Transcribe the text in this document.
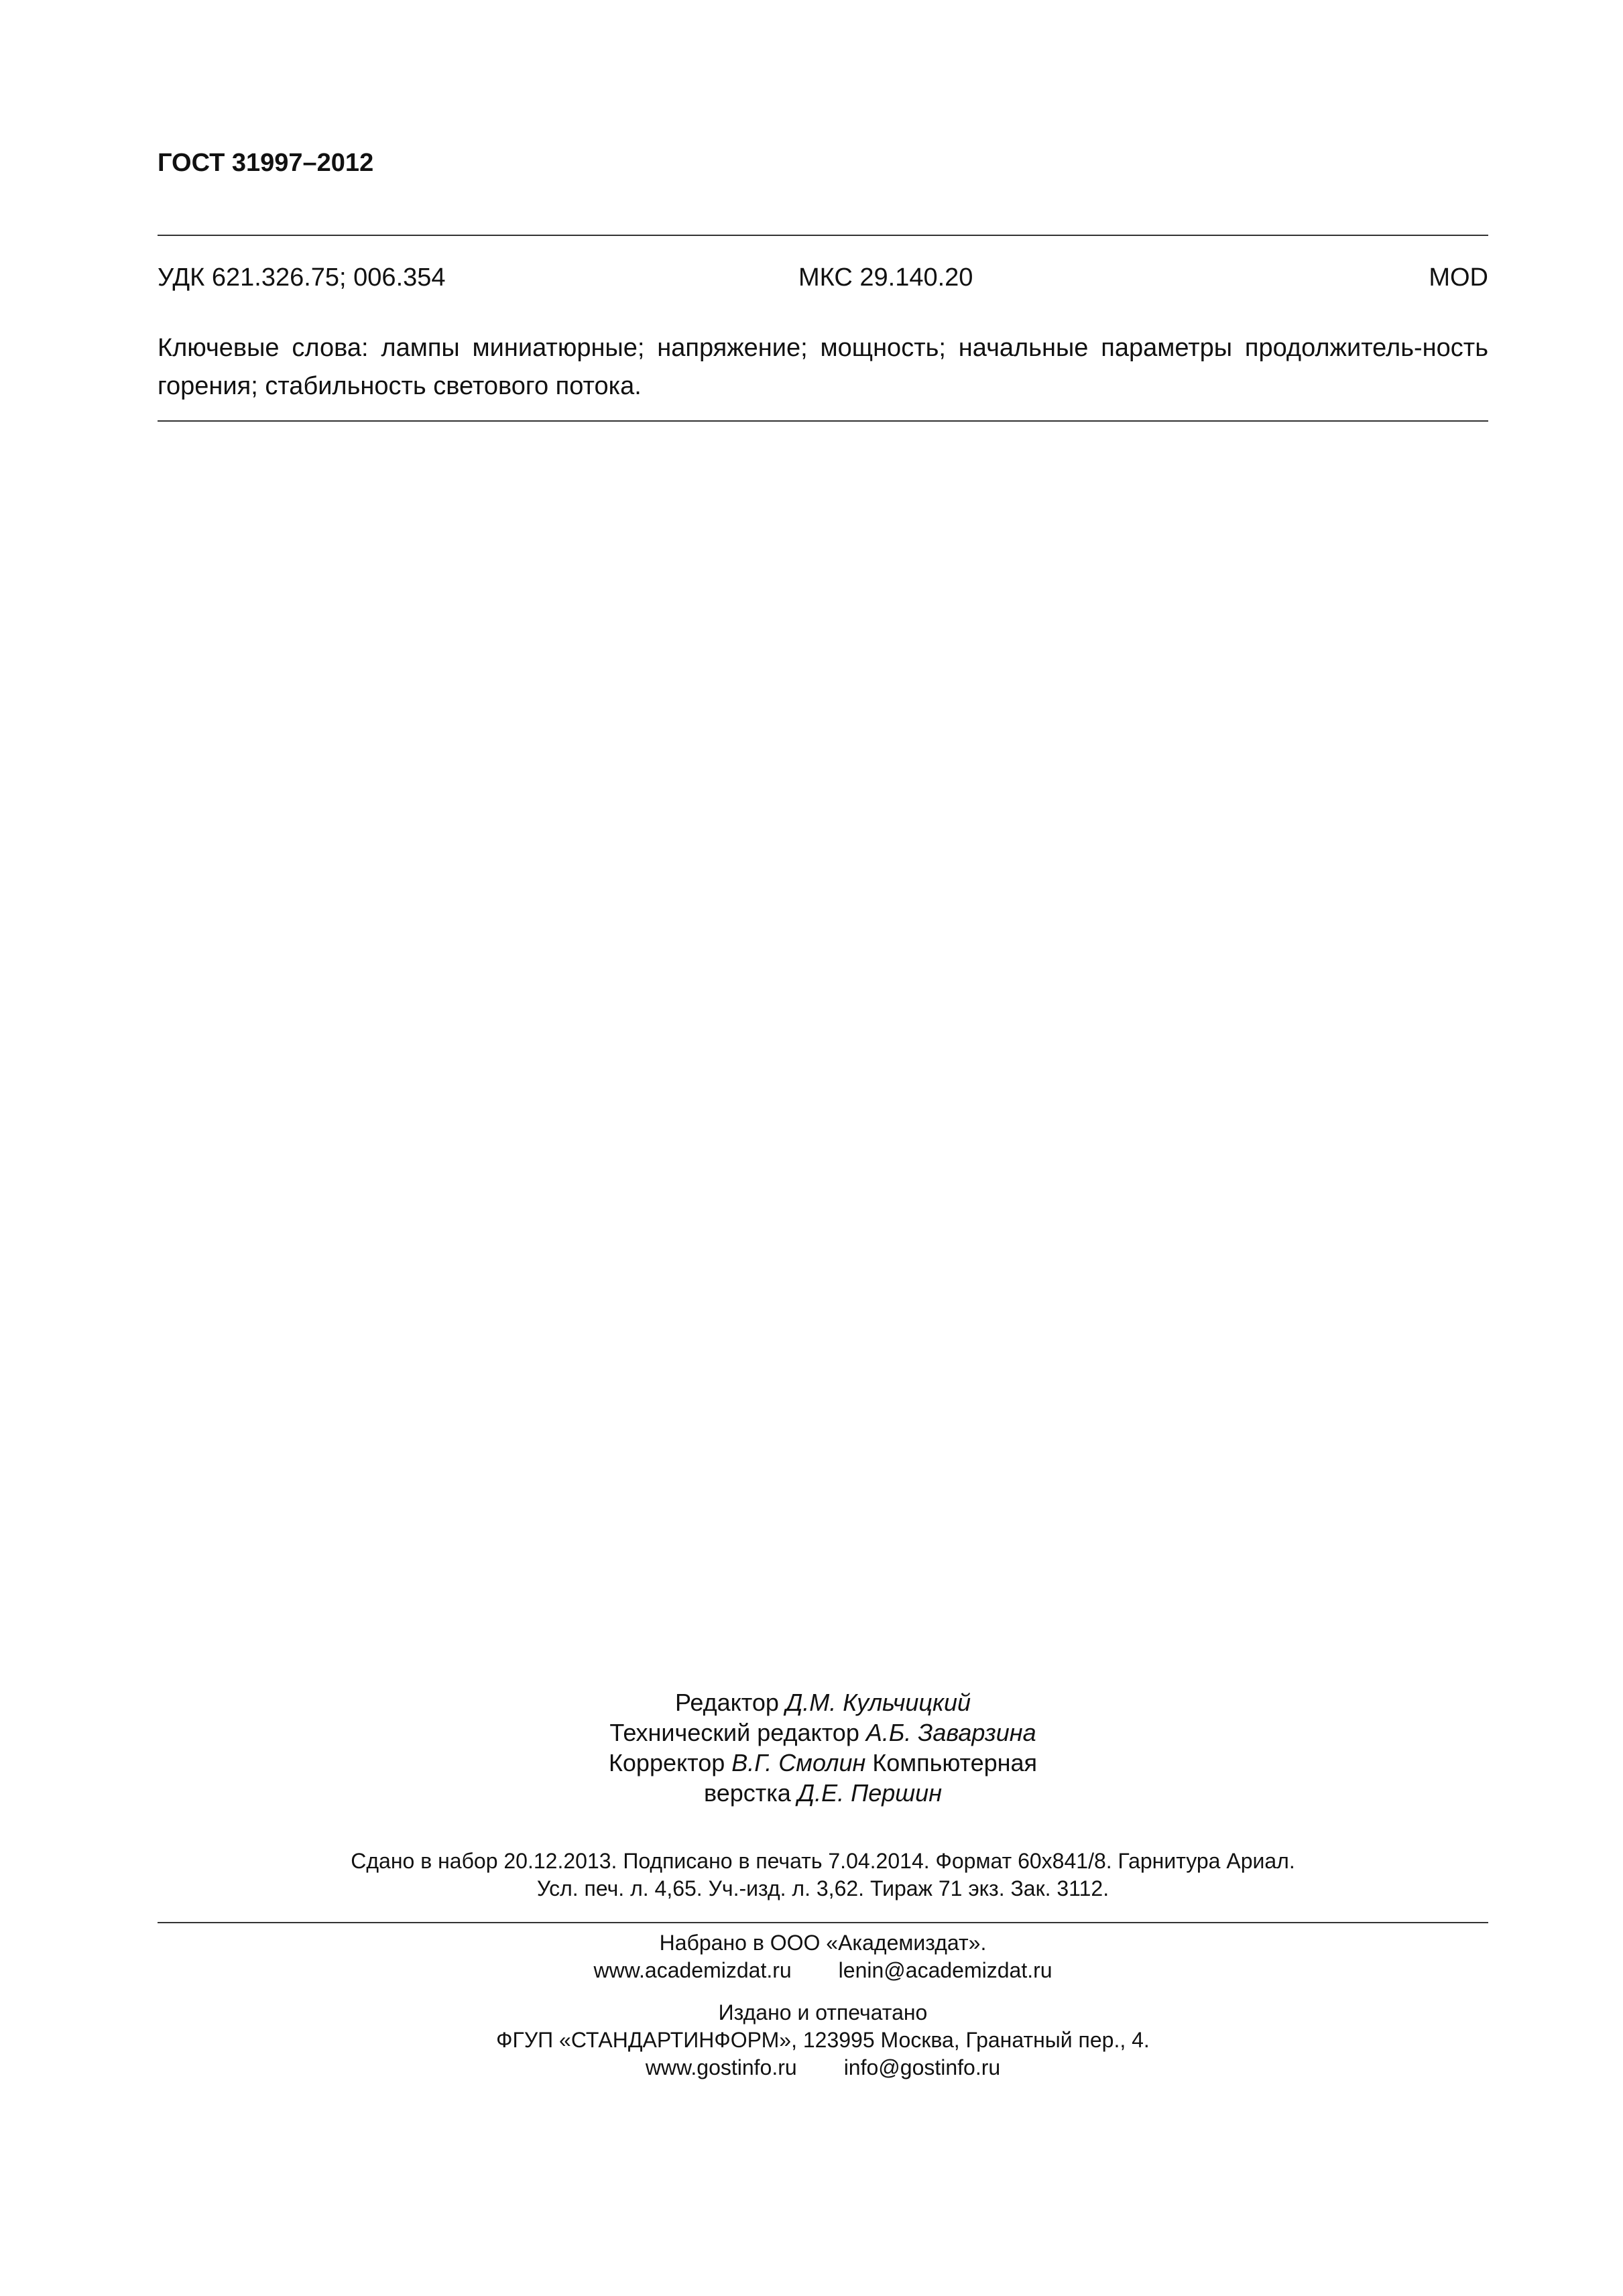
ГОСТ 31997–2012
УДК 621.326.75; 006.354	МКС 29.140.20	MOD
Ключевые слова: лампы миниатюрные; напряжение; мощность; начальные параметры продолжитель-ность горения; стабильность светового потока.
Редактор Д.М. Кульчицкий
Технический редактор А.Б. Заварзина
Корректор В.Г. Смолин Компьютерная
верстка Д.Е. Першин
Сдано в набор 20.12.2013. Подписано в печать 7.04.2014. Формат 60x841/8. Гарнитура Ариал.
Усл. печ. л. 4,65. Уч.-изд. л. 3,62. Тираж 71 экз. Зак. 3112.
Набрано в ООО «Академиздат».
www.academizdat.ru lenin@academizdat.ru
Издано и отпечатано
ФГУП «СТАНДАРТИНФОРМ», 123995 Москва, Гранатный пер., 4.
www.gostinfo.ru info@gostinfo.ru
